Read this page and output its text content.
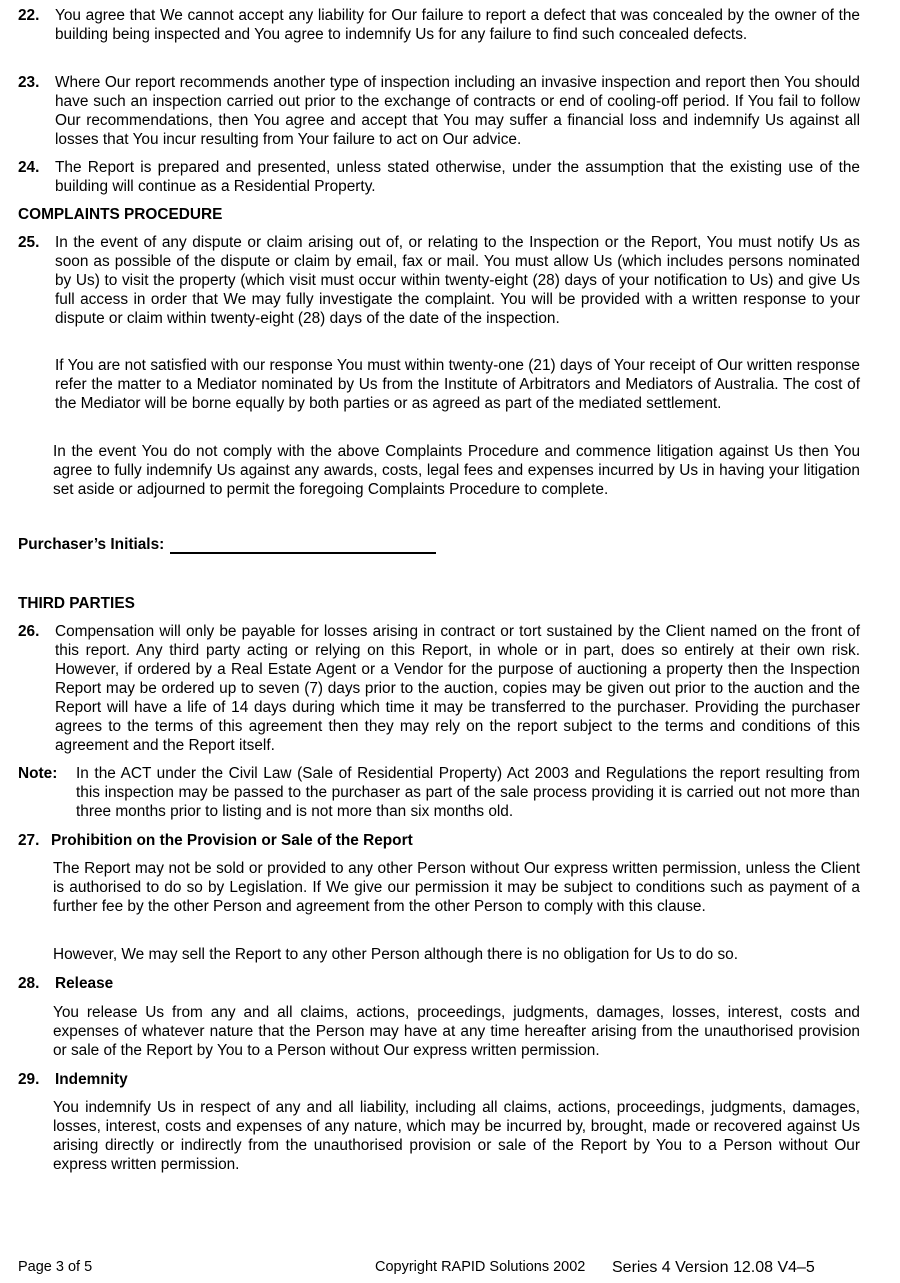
22.	You agree that We cannot accept any liability for Our failure to report a defect that was concealed by the owner of the building being inspected and You agree to indemnify Us for any failure to find such concealed defects.
23.	Where Our report recommends another type of inspection including an invasive inspection and report then You should have such an inspection carried out prior to the exchange of contracts or end of cooling-off period. If You fail to follow Our recommendations, then You agree and accept that You may suffer a financial loss and indemnify Us against all losses that You incur resulting from Your failure to act on Our advice.
24.	The Report is prepared and presented, unless stated otherwise, under the assumption that the existing use of the building will continue as a Residential Property.
COMPLAINTS PROCEDURE
25.	In the event of any dispute or claim arising out of, or relating to the Inspection or the Report, You must notify Us as soon as possible of the dispute or claim by email, fax or mail. You must allow Us (which includes persons nominated by Us) to visit the property (which visit must occur within twenty-eight (28) days of your notification to Us) and give Us full access in order that We may fully investigate the complaint. You will be provided with a written response to your dispute or claim within twenty-eight (28) days of the date of the inspection.
If You are not satisfied with our response You must within twenty-one (21) days of Your receipt of Our written response refer the matter to a Mediator nominated by Us from the Institute of Arbitrators and Mediators of Australia. The cost of the Mediator will be borne equally by both parties or as agreed as part of the mediated settlement.
In the event You do not comply with the above Complaints Procedure and commence litigation against Us then You agree to fully indemnify Us against any awards, costs, legal fees and expenses incurred by Us in having your litigation set aside or adjourned to permit the foregoing Complaints Procedure to complete.
Purchaser’s Initials:
THIRD PARTIES
26.	Compensation will only be payable for losses arising in contract or tort sustained by the Client named on the front of this report. Any third party acting or relying on this Report, in whole or in part, does so entirely at their own risk. However, if ordered by a Real Estate Agent or a Vendor for the purpose of auctioning a property then the Inspection Report may be ordered up to seven (7) days prior to the auction, copies may be given out prior to the auction and the Report will have a life of 14 days during which time it may be transferred to the purchaser. Providing the purchaser agrees to the terms of this agreement then they may rely on the report subject to the terms and conditions of this agreement and the Report itself.
Note:	In the ACT under the Civil Law (Sale of Residential Property) Act 2003 and Regulations the report resulting from this inspection may be passed to the purchaser as part of the sale process providing it is carried out not more than three months prior to listing and is not more than six months old.
27. Prohibition on the Provision or Sale of the Report
The Report may not be sold or provided to any other Person without Our express written permission, unless the Client is authorised to do so by Legislation. If We give our permission it may be subject to conditions such as payment of a further fee by the other Person and agreement from the other Person to comply with this clause.
However, We may sell the Report to any other Person although there is no obligation for Us to do so.
28.	Release
You release Us from any and all claims, actions, proceedings, judgments, damages, losses, interest, costs and expenses of whatever nature that the Person may have at any time hereafter arising from the unauthorised provision or sale of the Report by You to a Person without Our express written permission.
29.	Indemnity
You indemnify Us in respect of any and all liability, including all claims, actions, proceedings, judgments, damages, losses, interest, costs and expenses of any nature, which may be incurred by, brought, made or recovered against Us arising directly or indirectly from the unauthorised provision or sale of the Report by You to a Person without Our express written permission.
Page 3 of 5	Copyright RAPID Solutions 2002 Series 4 Version 12.08 V4–5
